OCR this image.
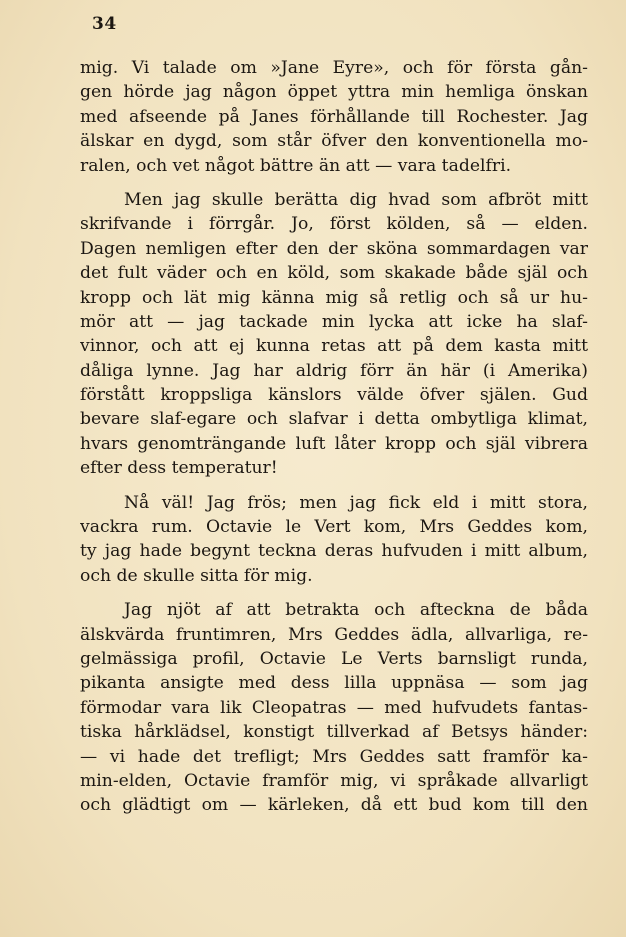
34
mig. Vi talade om »Jane Eyre», och för första gån-
gen hörde jag någon öppet yttra min hemliga önskan
med afseende på Janes förhållande till Rochester. Jag
älskar en dygd, som står öfver den konventionella mo-
ralen, och vet något bättre än att — vara tadelfri.
Men jag skulle berätta dig hvad som afbröt mitt
skrifvande i förrgår. Jo, först kölden, så — elden.
Dagen nemligen efter den der sköna sommardagen var
det fult väder och en köld, som skakade både själ och
kropp och lät mig känna mig så retlig och så ur hu-
mör att — jag tackade min lycka att icke ha slaf-
vinnor, och att ej kunna retas att på dem kasta mitt
dåliga lynne. Jag har aldrig förr än här (i Amerika)
förstått kroppsliga känslors välde öfver själen. Gud
bevare slaf-egare och slafvar i detta ombytliga klimat,
hvars genomträngande luft låter kropp och själ vibrera
efter dess temperatur!
Nå väl! Jag frös; men jag fick eld i mitt stora,
vackra rum. Octavie le Vert kom, Mrs Geddes kom,
ty jag hade begynt teckna deras hufvuden i mitt album,
och de skulle sitta för mig.
Jag njöt af att betrakta och afteckna de båda
älskvärda fruntimren, Mrs Geddes ädla, allvarliga, re-
gelmässiga profil, Octavie Le Verts barnsligt runda,
pikanta ansigte med dess lilla uppnäsa — som jag
förmodar vara lik Cleopatras — med hufvudets fantas-
tiska hårklädsel, konstigt tillverkad af Betsys händer:
— vi hade det trefligt; Mrs Geddes satt framför ka-
min-elden, Octavie framför mig, vi språkade allvarligt
och glädtigt om — kärleken, då ett bud kom till den
